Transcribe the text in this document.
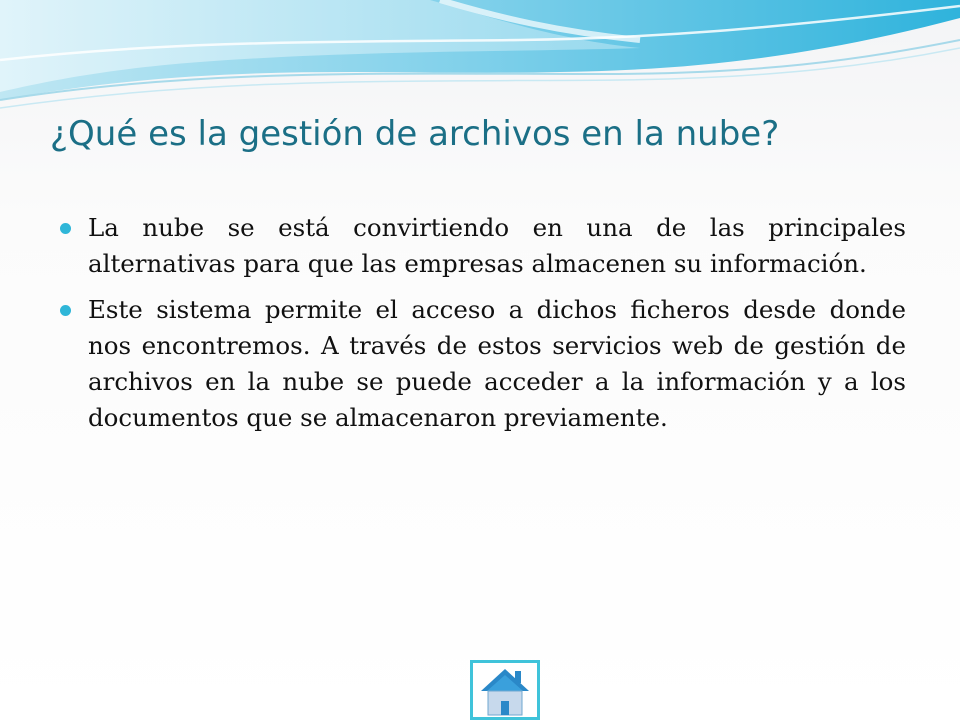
¿Qué es la gestión de archivos en la nube?
La nube se está convirtiendo en una de las principales alternativas para que las empresas almacenen su información.
Este sistema permite el acceso a dichos ficheros desde donde nos encontremos. A través de estos servicios web de gestión de archivos en la nube se puede acceder a la información y a los documentos que se almacenaron previamente.
